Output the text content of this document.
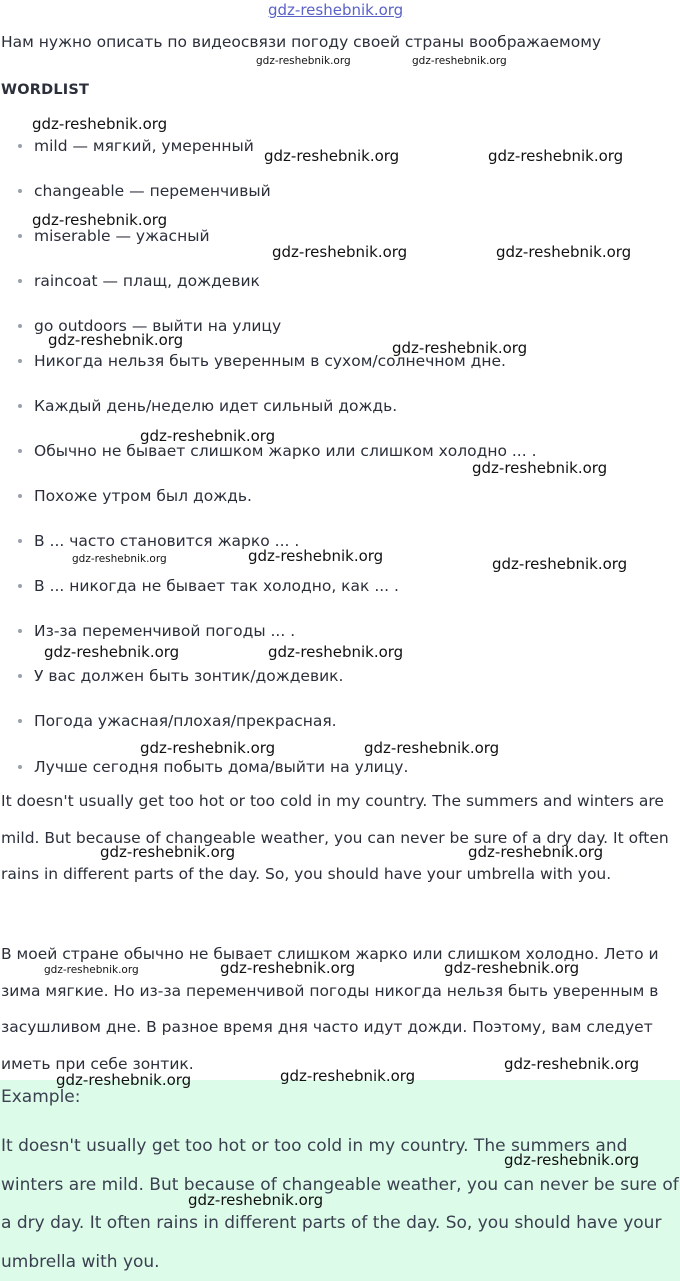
gdz-reshebnik.org
Нам нужно описать по видеосвязи погоду своей страны воображаемому
WORDLIST
mild — мягкий, умеренный
changeable — переменчивый
miserable — ужасный
raincoat — плащ, дождевик
go outdoors — выйти на улицу
Никогда нельзя быть уверенным в сухом/солнечном дне.
Каждый день/неделю идет сильный дождь.
Обычно не бывает слишком жарко или слишком холодно ... .
Похоже утром был дождь.
В ... часто становится жарко ... .
В ... никогда не бывает так холодно, как ... .
Из-за переменчивой погоды ... .
У вас должен быть зонтик/дождевик.
Погода ужасная/плохая/прекрасная.
Лучше сегодня побыть дома/выйти на улицу.

It doesn't usually get too hot or too cold in my country. The summers and winters are mild. But because of changeable weather, you can never be sure of a dry day. It often rains in different parts of the day. So, you should have your umbrella with you.

В моей стране обычно не бывает слишком жарко или слишком холодно. Лето и зима мягкие. Но из-за переменчивой погоды никогда нельзя быть уверенным в засушливом дне. В разное время дня часто идут дожди. Поэтому, вам следует иметь при себе зонтик.

Example:

It doesn't usually get too hot or too cold in my country. The summers and winters are mild. But because of changeable weather, you can never be sure of a dry day. It often rains in different parts of the day. So, you should have your umbrella with you.

gdz-reshebnik.org	gdz-reshebnik.org
gdz-reshebnik.org
gdz-reshebnik.org	gdz-reshebnik.org
gdz-reshebnik.org
gdz-reshebnik.org	gdz-reshebnik.org
gdz-reshebnik.org	gdz-reshebnik.org
gdz-reshebnik.org
gdz-reshebnik.org
gdz-reshebnik.org	gdz-reshebnik.org	gdz-reshebnik.org
gdz-reshebnik.org	gdz-reshebnik.org
gdz-reshebnik.org	gdz-reshebnik.org
gdz-reshebnik.org	gdz-reshebnik.org
gdz-reshebnik.org	gdz-reshebnik.org	gdz-reshebnik.org
gdz-reshebnik.org
gdz-reshebnik.org	gdz-reshebnik.org
gdz-reshebnik.org
gdz-reshebnik.org
